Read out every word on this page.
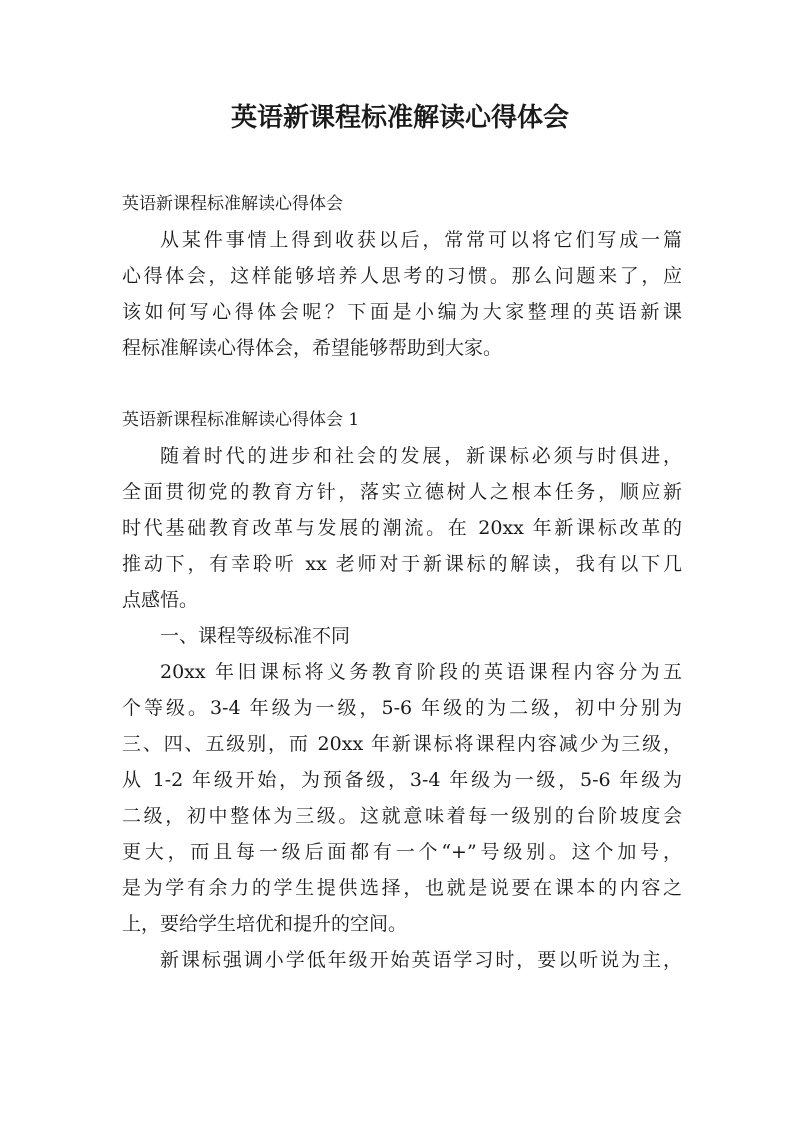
英语新课程标准解读心得体会
英语新课程标准解读心得体会
从某件事情上得到收获以后，常常可以将它们写成一篇
心得体会，这样能够培养人思考的习惯。那么问题来了，应
该如何写心得体会呢？下面是小编为大家整理的英语新课
程标准解读心得体会，希望能够帮助到大家。
英语新课程标准解读心得体会 1
随着时代的进步和社会的发展，新课标必须与时俱进，
全面贯彻党的教育方针，落实立德树人之根本任务，顺应新
时代基础教育改革与发展的潮流。在 20xx 年新课标改革的
推动下，有幸聆听 xx 老师对于新课标的解读，我有以下几
点感悟。
一、课程等级标准不同
20xx 年旧课标将义务教育阶段的英语课程内容分为五
个等级。3-4 年级为一级，5-6 年级的为二级，初中分别为
三、四、五级别，而 20xx 年新课标将课程内容减少为三级，
从 1-2 年级开始，为预备级，3-4 年级为一级，5-6 年级为
二级，初中整体为三级。这就意味着每一级别的台阶坡度会
更大，而且每一级后面都有一个“+”号级别。这个加号，
是为学有余力的学生提供选择，也就是说要在课本的内容之
上，要给学生培优和提升的空间。
新课标强调小学低年级开始英语学习时，要以听说为主，
